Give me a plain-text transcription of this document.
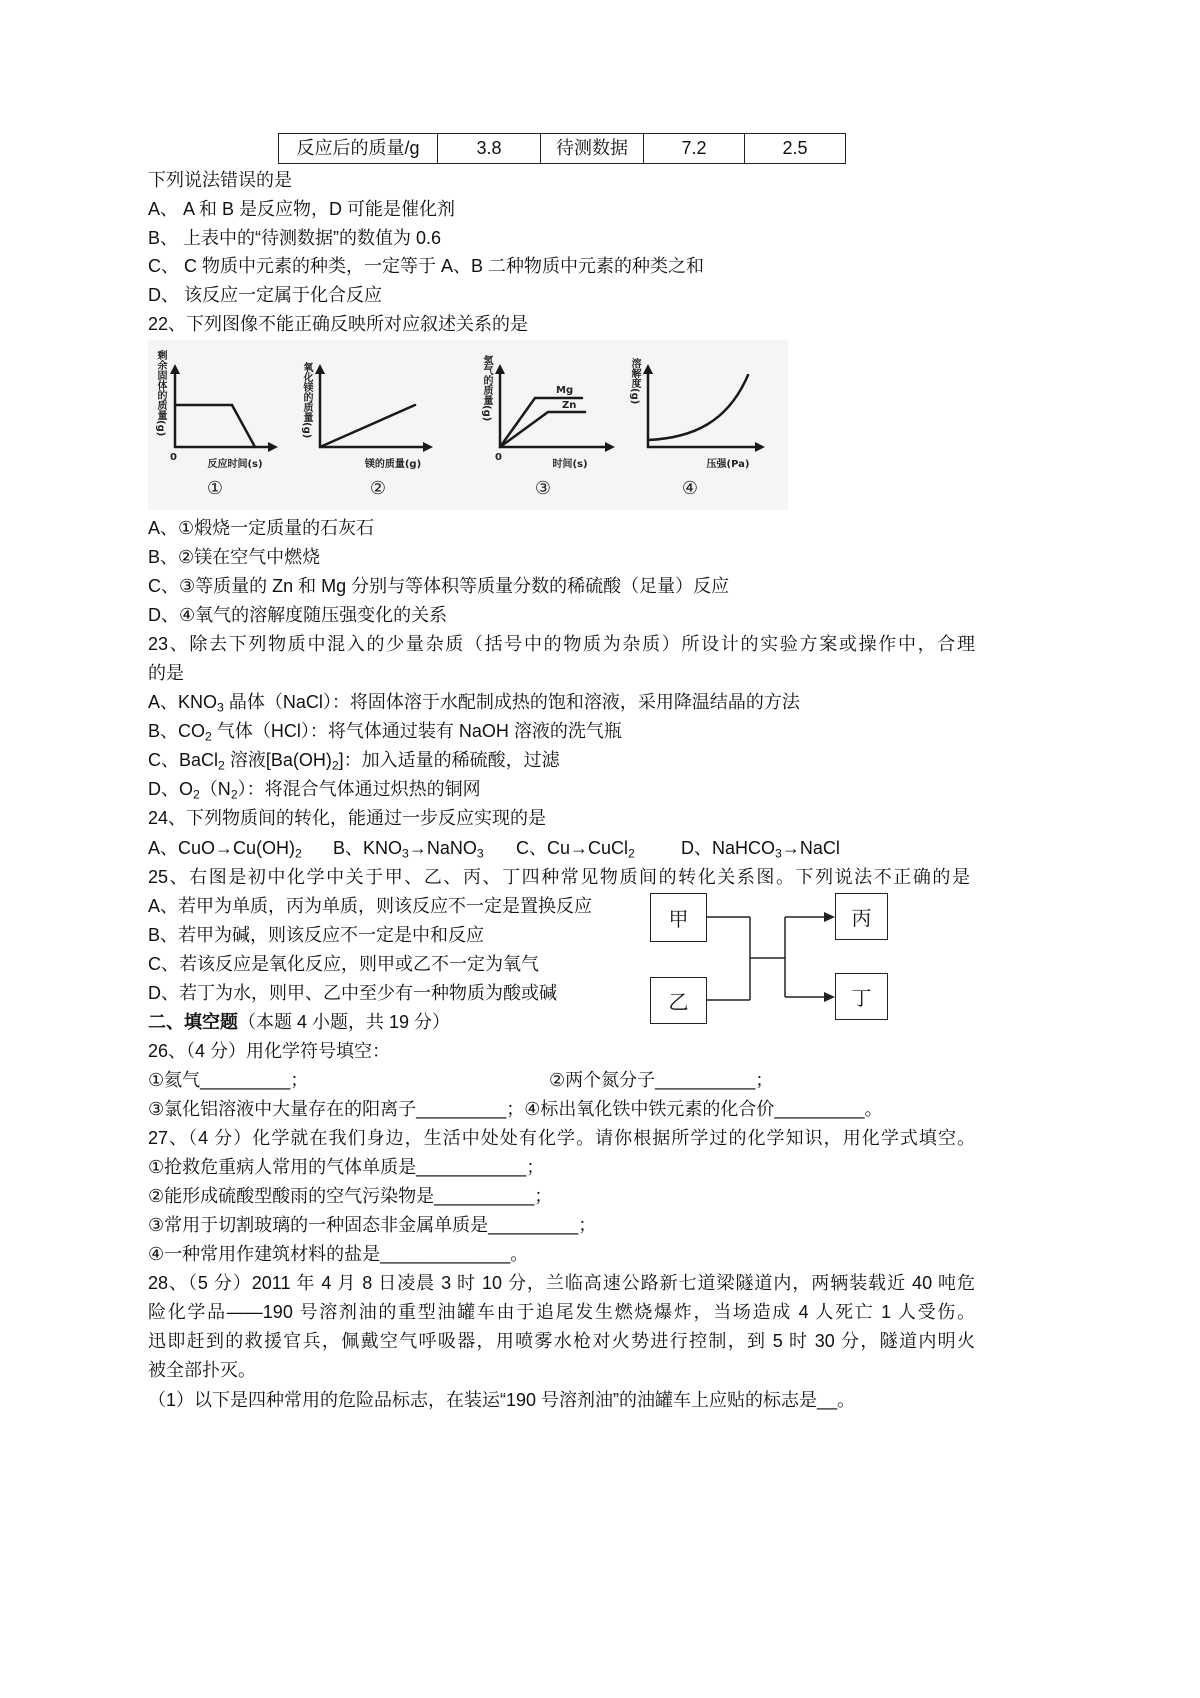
反应后的质量/g	3.8	待测数据	7.2	2.5
下列说法错误的是
A、 A 和 B 是反应物，D 可能是催化剂
B、 上表中的“待测数据”的数值为 0.6
C、 C 物质中元素的种类，一定等于 A、B 二种物质中元素的种类之和
D、 该反应一定属于化合反应
22、下列图像不能正确反映所对应叙述关系的是
0	0
反应时间(s)	镁的质量(g)	时间(s)	压强(Pa)
Mg
Zn
①	②	③	④
剩余固体的质量(g)	氧化镁的质量(g)	氢气的质量(g)	溶解度(g)
A、①煅烧一定质量的石灰石
B、②镁在空气中燃烧
C、③等质量的 Zn 和 Mg 分别与等体积等质量分数的稀硫酸（足量）反应
D、④氧气的溶解度随压强变化的关系
23、除去下列物质中混入的少量杂质（括号中的物质为杂质）所设计的实验方案或操作中，合理
的是
A、$KNO_3$ 晶体（NaCl）：将固体溶于水配制成热的饱和溶液，采用降温结晶的方法
B、$CO_2$ 气体（HCl）：将气体通过装有 NaOH 溶液的洗气瓶
C、BaCl$_2$ 溶液$[Ba(OH)_2]$：加入适量的稀硫酸，过滤
D、$O_2(N_2)$：将混合气体通过炽热的铜网
24、下列物质间的转化，能通过一步反应实现的是
A、$CuO\to Cu(OH)_2$ B、$KNO_3\to NaNO_3$ C、Cu→CuCl$_2$	D、NaHCO$_3$→NaCl
25、右图是初中化学中关于甲、乙、丙、丁四种常见物质间的转化关系图。下列说法不正确的是
A、若甲为单质，丙为单质，则该反应不一定是置换反应
B、若甲为碱，则该反应不一定是中和反应
C、若该反应是氧化反应，则甲或乙不一定为氧气
D、若丁为水，则甲、乙中至少有一种物质为酸或碱
甲
乙
丙
丁
二、填空题（本题 4 小题，共 19 分）
26、（4 分）用化学符号填空：
①氦气_________；	②两个氮分子__________；
③氯化铝溶液中大量存在的阳离子_________；④标出氧化铁中铁元素的化合价_________。
27、（4 分）化学就在我们身边，生活中处处有化学。请你根据所学过的化学知识，用化学式填空。
①抢救危重病人常用的气体单质是___________；
②能形成硫酸型酸雨的空气污染物是__________；
③常用于切割玻璃的一种固态非金属单质是_________；
④一种常用作建筑材料的盐是_____________。
28、（5 分）2011 年 4 月 8 日凌晨 3 时 10 分，兰临高速公路新七道梁隧道内，两辆装载近 40 吨危
险化学品——190 号溶剂油的重型油罐车由于追尾发生燃烧爆炸，当场造成 4 人死亡 1 人受伤。
迅即赶到的救援官兵，佩戴空气呼吸器，用喷雾水枪对火势进行控制，到 5 时 30 分，隧道内明火
被全部扑灭。
（1）以下是四种常用的危险品标志，在装运“190 号溶剂油”的油罐车上应贴的标志是__。
